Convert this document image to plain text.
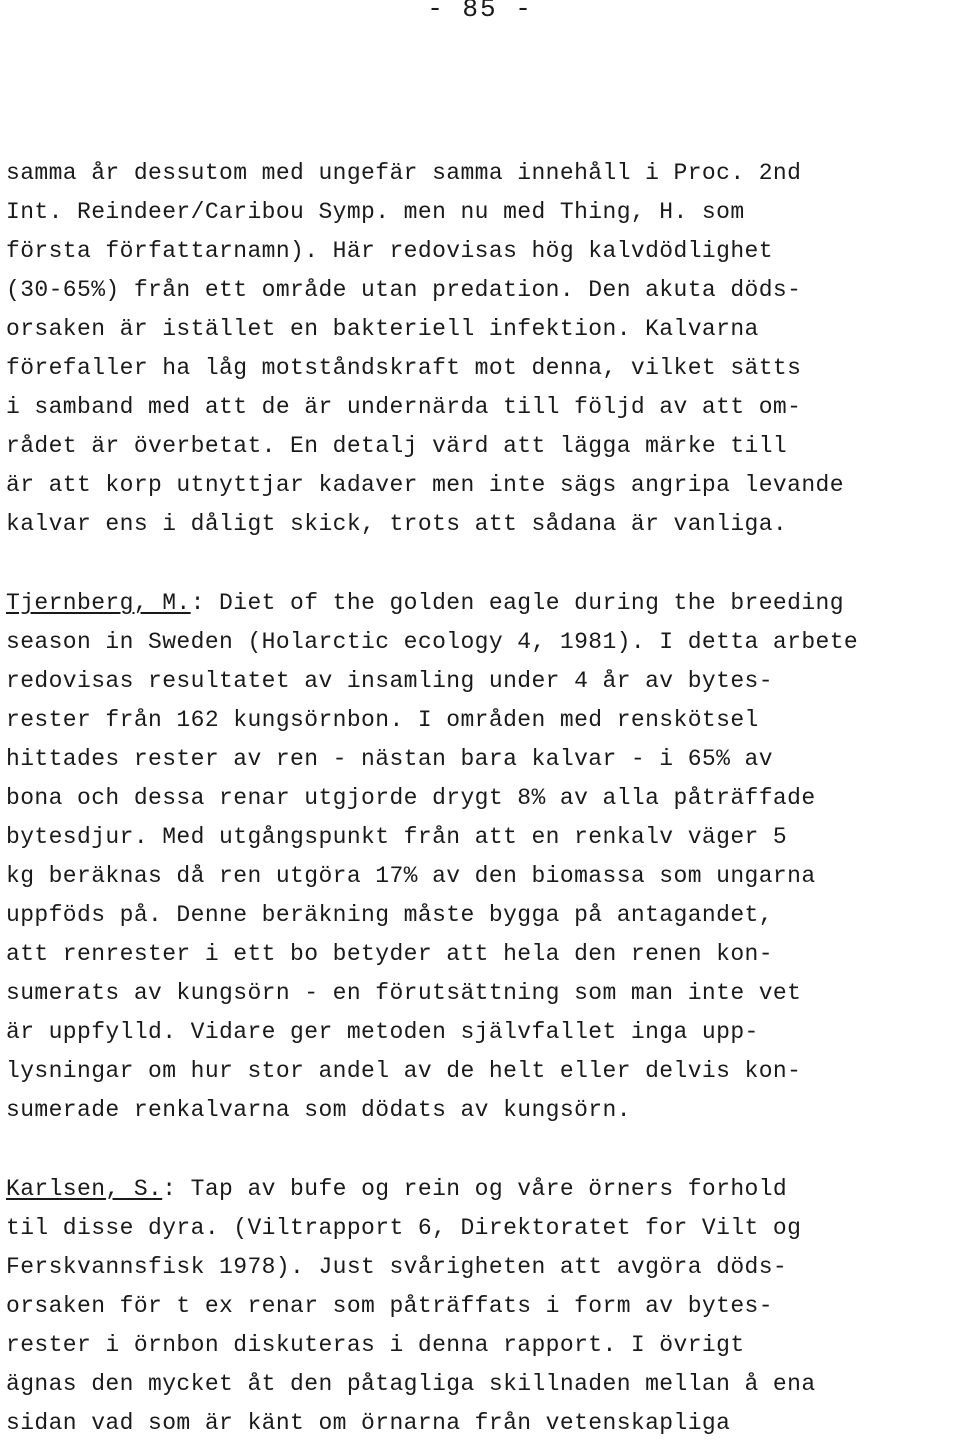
- 85 -
samma år dessutom med ungefär samma innehåll i Proc. 2nd
Int. Reindeer/Caribou Symp. men nu med Thing, H. som
första författarnamn). Här redovisas hög kalvdödlighet
(30-65%) från ett område utan predation. Den akuta döds-
orsaken är istället en bakteriell infektion. Kalvarna
förefaller ha låg motståndskraft mot denna, vilket sätts
i samband med att de är undernärda till följd av att om-
rådet är överbetat. En detalj värd att lägga märke till
är att korp utnyttjar kadaver men inte sägs angripa levande
kalvar ens i dåligt skick, trots att sådana är vanliga.
Tjernberg, M.: Diet of the golden eagle during the breeding
season in Sweden (Holarctic ecology 4, 1981). I detta arbete
redovisas resultatet av insamling under 4 år av bytes-
rester från 162 kungsörnbon. I områden med renskötsel
hittades rester av ren - nästan bara kalvar - i 65% av
bona och dessa renar utgjorde drygt 8% av alla påträffade
bytesdjur. Med utgångspunkt från att en renkalv väger 5
kg beräknas då ren utgöra 17% av den biomassa som ungarna
uppföds på. Denne beräkning måste bygga på antagandet,
att renrester i ett bo betyder att hela den renen kon-
sumerats av kungsörn - en förutsättning som man inte vet
är uppfylld. Vidare ger metoden självfallet inga upp-
lysningar om hur stor andel av de helt eller delvis kon-
sumerade renkalvarna som dödats av kungsörn.
Karlsen, S.: Tap av bufe og rein og våre örners forhold
til disse dyra. (Viltrapport 6, Direktoratet for Vilt og
Ferskvannsfisk 1978). Just svårigheten att avgöra döds-
orsaken för t ex renar som påträffats i form av bytes-
rester i örnbon diskuteras i denna rapport. I övrigt
ägnas den mycket åt den påtagliga skillnaden mellan å ena
sidan vad som är känt om örnarna från vetenskapliga
